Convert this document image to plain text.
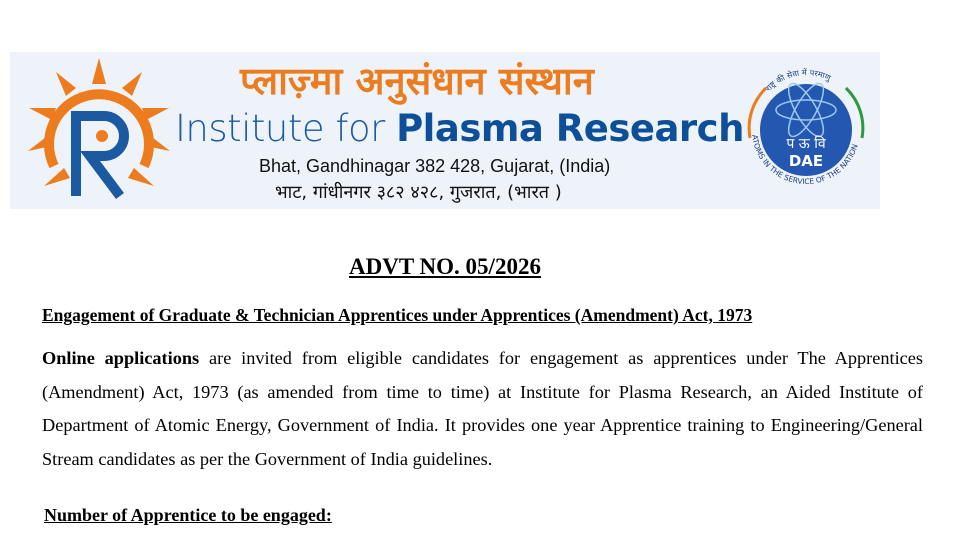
प्लाज़्मा अनुसंधान संस्थान
Institute for Plasma Research
Bhat, Gandhinagar 382 428, Gujarat, (India)
भाट, गांधीनगर ३८२ ४२८, गुजरात, (भारत )
प ऊ वि
DAE
ATOMS IN THE SERVICE OF THE NATION
राष्ट्र की सेवा में परमाणु
ADVT NO. 05/2026
Engagement of Graduate & Technician Apprentices under Apprentices (Amendment) Act, 1973
Online applications are invited from eligible candidates for engagement as apprentices under The Apprentices (Amendment) Act, 1973 (as amended from time to time) at Institute for Plasma Research, an Aided Institute of Department of Atomic Energy, Government of India. It provides one year Apprentice training to Engineering/General Stream candidates as per the Government of India guidelines.
Number of Apprentice to be engaged:
